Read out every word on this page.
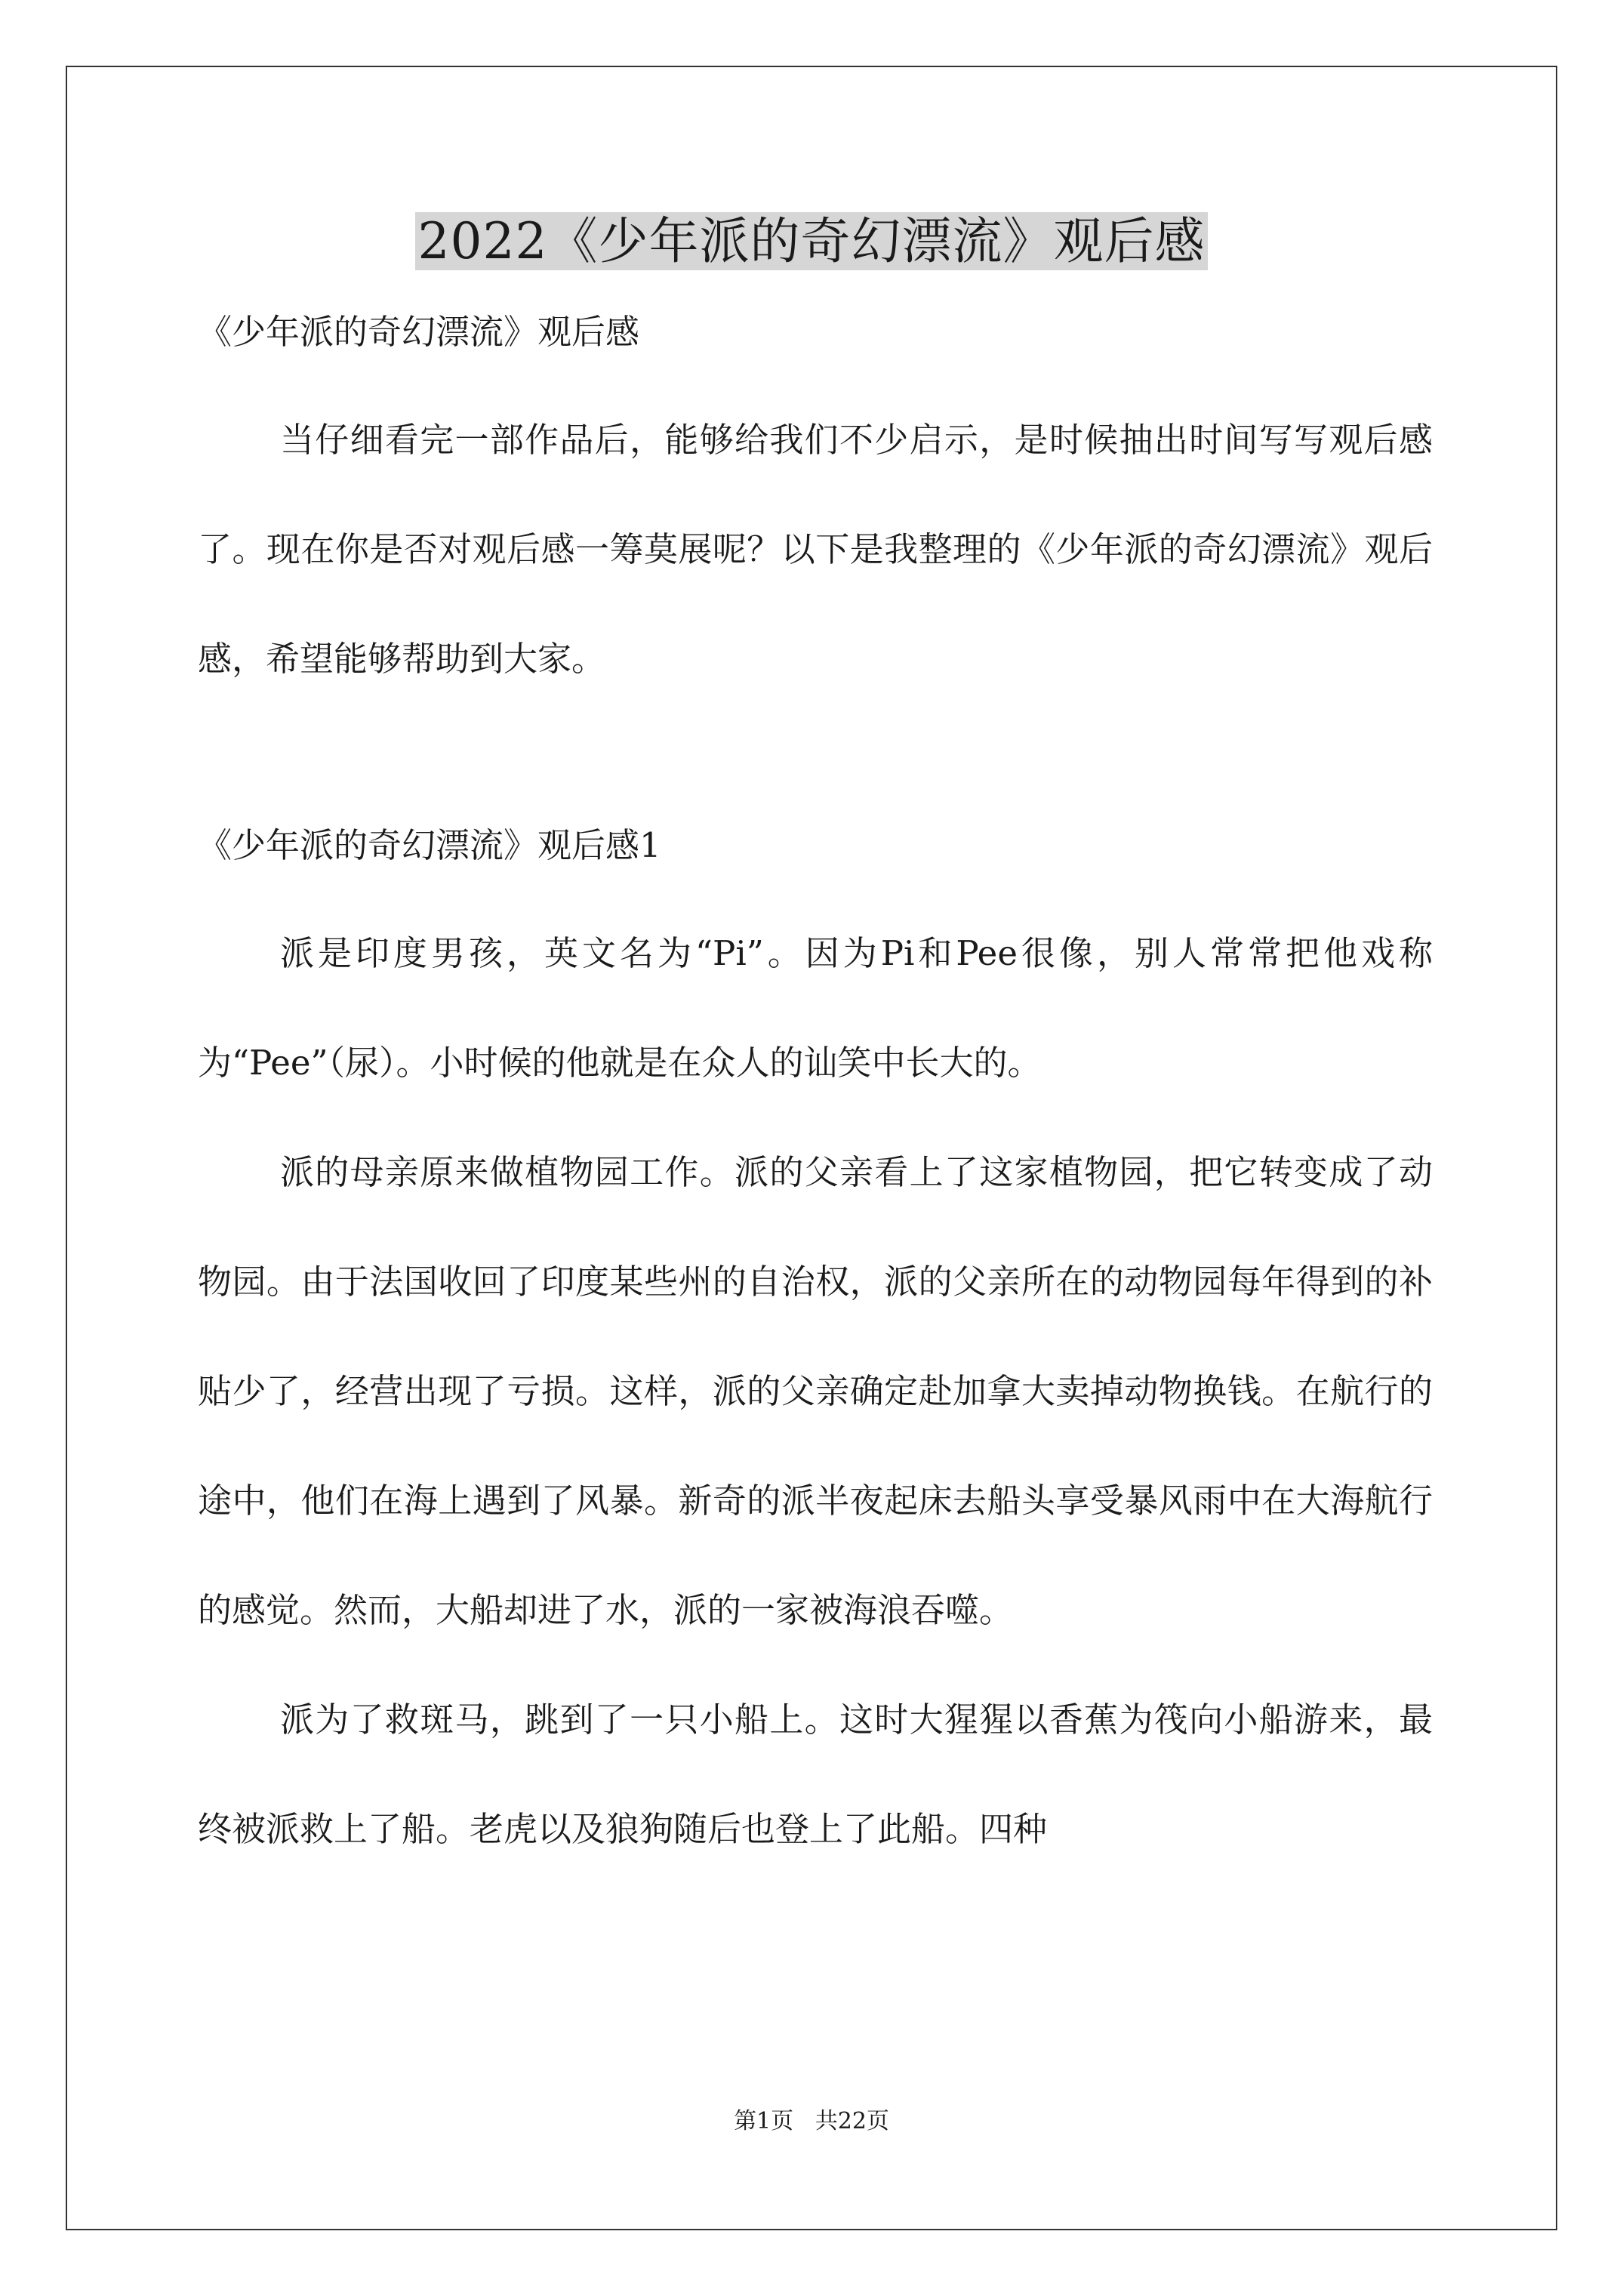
2022《少年派的奇幻漂流》观后感

《少年派的奇幻漂流》观后感

当仔细看完一部作品后，能够给我们不少启示，是时候抽出时间写写观后感了。现在你是否对观后感一筹莫展呢？以下是我整理的《少年派的奇幻漂流》观后感，希望能够帮助到大家。

《少年派的奇幻漂流》观后感1

派是印度男孩，英文名为“Pi”。因为Pi和Pee很像，别人常常把他戏称为“Pee”（尿）。小时候的他就是在众人的讪笑中长大的。

派的母亲原来做植物园工作。派的父亲看上了这家植物园，把它转变成了动物园。由于法国收回了印度某些州的自治权，派的父亲所在的动物园每年得到的补贴少了，经营出现了亏损。这样，派的父亲确定赴加拿大卖掉动物换钱。在航行的途中，他们在海上遇到了风暴。新奇的派半夜起床去船头享受暴风雨中在大海航行的感觉。然而，大船却进了水，派的一家被海浪吞噬。

派为了救斑马，跳到了一只小船上。这时大猩猩以香蕉为筏向小船游来，最终被派救上了船。老虎以及狼狗随后也登上了此船。四种

第1页   共22页
